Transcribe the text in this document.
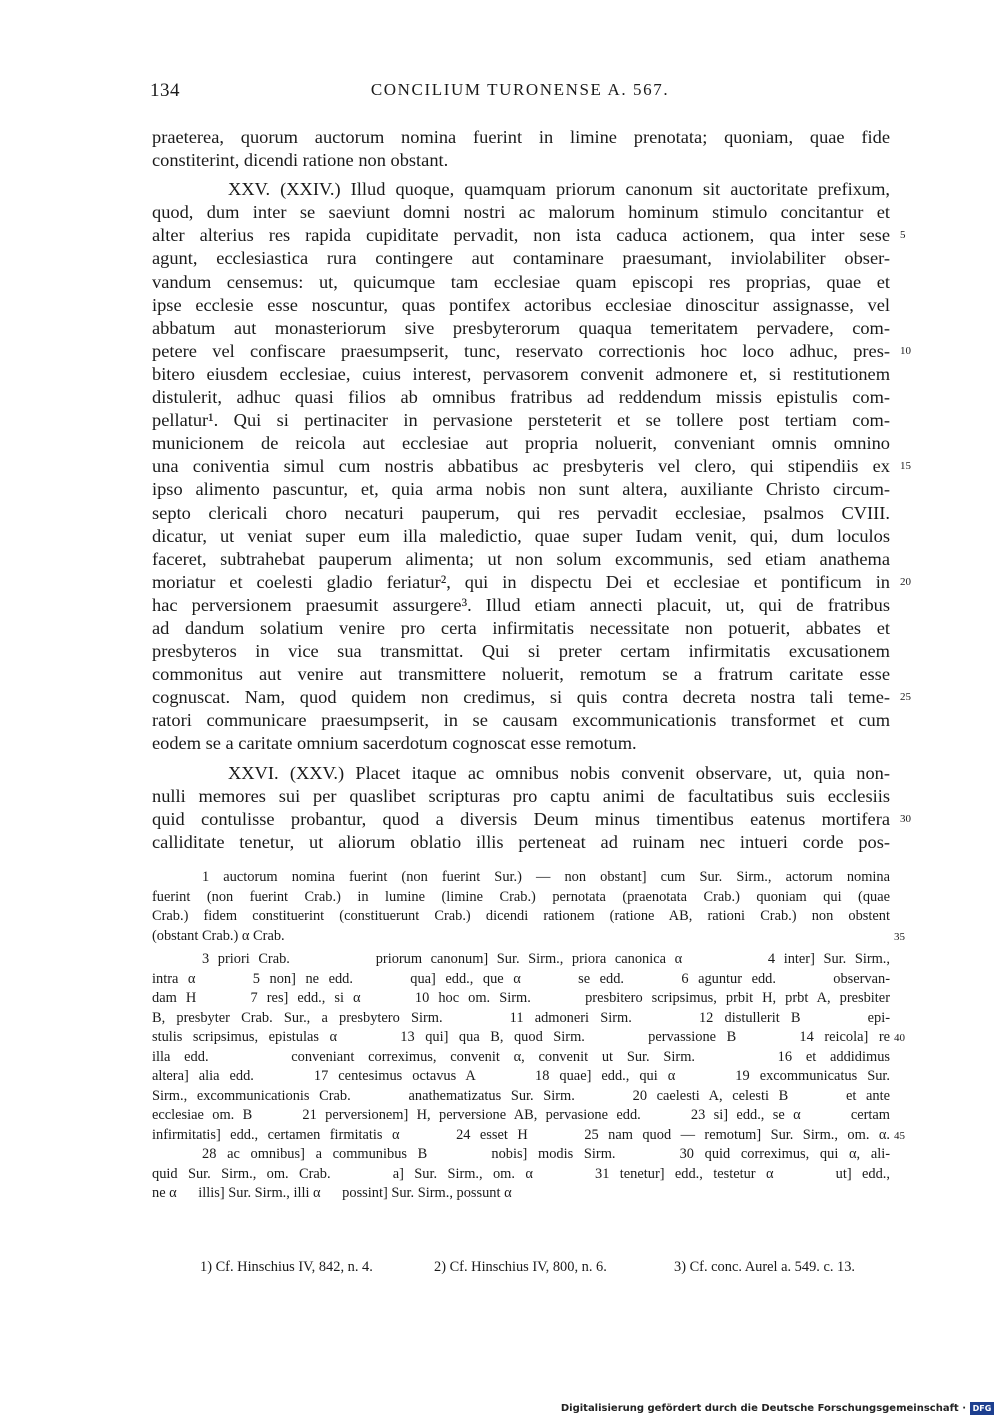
134	CONCILIUM TURONENSE A. 567.
praeterea, quorum auctorum nomina fuerint in limine prenotata; quoniam, quae fide
constiterint, dicendi ratione non obstant.
XXV. (XXIV.) Illud quoque, quamquam priorum canonum sit auctoritate prefixum,
quod, dum inter se saeviunt domni nostri ac malorum hominum stimulo concitantur et
alter alterius res rapida cupiditate pervadit, non ista caduca actionem, qua inter sese 5
agunt, ecclesiastica rura contingere aut contaminare praesumant, inviolabiliter obser-
vandum censemus: ut, quicumque tam ecclesiae quam episcopi res proprias, quae et
ipse ecclesie esse noscuntur, quas pontifex actoribus ecclesiae dinoscitur assignasse, vel
abbatum aut monasteriorum sive presbyterorum quaqua temeritatem pervadere, com-
petere vel confiscare praesumpserit, tunc, reservato correctionis hoc loco adhuc, pres- 10
bitero eiusdem ecclesiae, cuius interest, pervasorem convenit admonere et, si restitutionem
distulerit, adhuc quasi filios ab omnibus fratribus ad reddendum missis epistulis com-
pellatur¹. Qui si pertinaciter in pervasione persteterit et se tollere post tertiam com-
municionem de reicola aut ecclesiae aut propria noluerit, conveniant omnis omnino
una coniventia simul cum nostris abbatibus ac presbyteris vel clero, qui stipendiis ex 15
ipso alimento pascuntur, et, quia arma nobis non sunt altera, auxiliante Christo circum-
septo clericali choro necaturi pauperum, qui res pervadit ecclesiae, psalmos CVIII.
dicatur, ut veniat super eum illa maledictio, quae super Iudam venit, qui, dum loculos
faceret, subtrahebat pauperum alimenta; ut non solum excommunis, sed etiam anathema
moriatur et coelesti gladio feriatur², qui in dispectu Dei et ecclesiae et pontificum in 20
hac perversionem praesumit assurgere³. Illud etiam annecti placuit, ut, qui de fratribus
ad dandum solatium venire pro certa infirmitatis necessitate non potuerit, abbates et
presbyteros in vice sua transmittat. Qui si preter certam infirmitatis excusationem
commonitus aut venire aut transmittere noluerit, remotum se a fratrum caritate esse
cognuscat. Nam, quod quidem non credimus, si quis contra decreta nostra tali teme- 25
ratori communicare praesumpserit, in se causam excommunicationis transformet et cum
eodem se a caritate omnium sacerdotum cognoscat esse remotum.
XXVI. (XXV.) Placet itaque ac omnibus nobis convenit observare, ut, quia non-
nulli memores sui per quaslibet scripturas pro captu animi de facultatibus suis ecclesiis
quid contulisse probantur, quod a diversis Deum minus timentibus eatenus mortifera 30
calliditate tenetur, ut aliorum oblatio illis perteneat ad ruinam nec intueri corde pos-
1 auctorum nomina fuerint (non fuerint Sur.) — non obstant] cum Sur. Sirm., actorum nomina
fuerint (non fuerint Crab.) in lumine (limine Crab.) pernotata (praenotata Crab.) quoniam qui (quae
Crab.) fidem constituerint (constituerunt Crab.) dicendi rationem (ratione AB, rationi Crab.) non obstent
(obstant Crab.) α Crab.	35
3 priori Crab.          priorum canonum] Sur. Sirm., priora canonica α          4 inter] Sur. Sirm.,
intra α      5 non] ne edd.      qua] edd., que α      se edd.      6 aguntur edd.      observan-
dam H      7 res] edd., si α      10 hoc om. Sirm.      presbitero scripsimus, prbit H, prbt A, presbiter
B, presbyter Crab. Sur., a presbytero Sirm.      11 admoneri Sirm.      12 distullerit B      epi-
stulis scripsimus, epistulas α      13 qui] qua B, quod Sirm.      pervassione B      14 reicola] re 40
illa edd.      conveniant correximus, convenit α, convenit ut Sur. Sirm.      16 et addidimus
altera] alia edd.      17 centesimus octavus A      18 quae] edd., qui α      19 excommunicatus Sur.
Sirm., excommunicationis Crab.      anathematizatus Sur. Sirm.      20 caelesti A, celesti B      et ante
ecclesiae om. B      21 perversionem] H, perversione AB, pervasione edd.      23 si] edd., se α      certam
infirmitatis] edd., certamen firmitatis α      24 esset H      25 nam quod — remotum] Sur. Sirm., om. α. 45
28 ac omnibus] a communibus B      nobis] modis Sirm.      30 quid correximus, qui α, ali-
quid Sur. Sirm., om. Crab.      a] Sur. Sirm., om. α      31 tenetur] edd., testetur α      ut] edd.,
ne α      illis] Sur. Sirm., illi α      possint] Sur. Sirm., possunt α
1) Cf. Hinschius IV, 842, n. 4.	2) Cf. Hinschius IV, 800, n. 6.	3) Cf. conc. Aurel a. 549. c. 13.
Digitalisierung gefördert durch die Deutsche Forschungsgemeinschaft · DFG
